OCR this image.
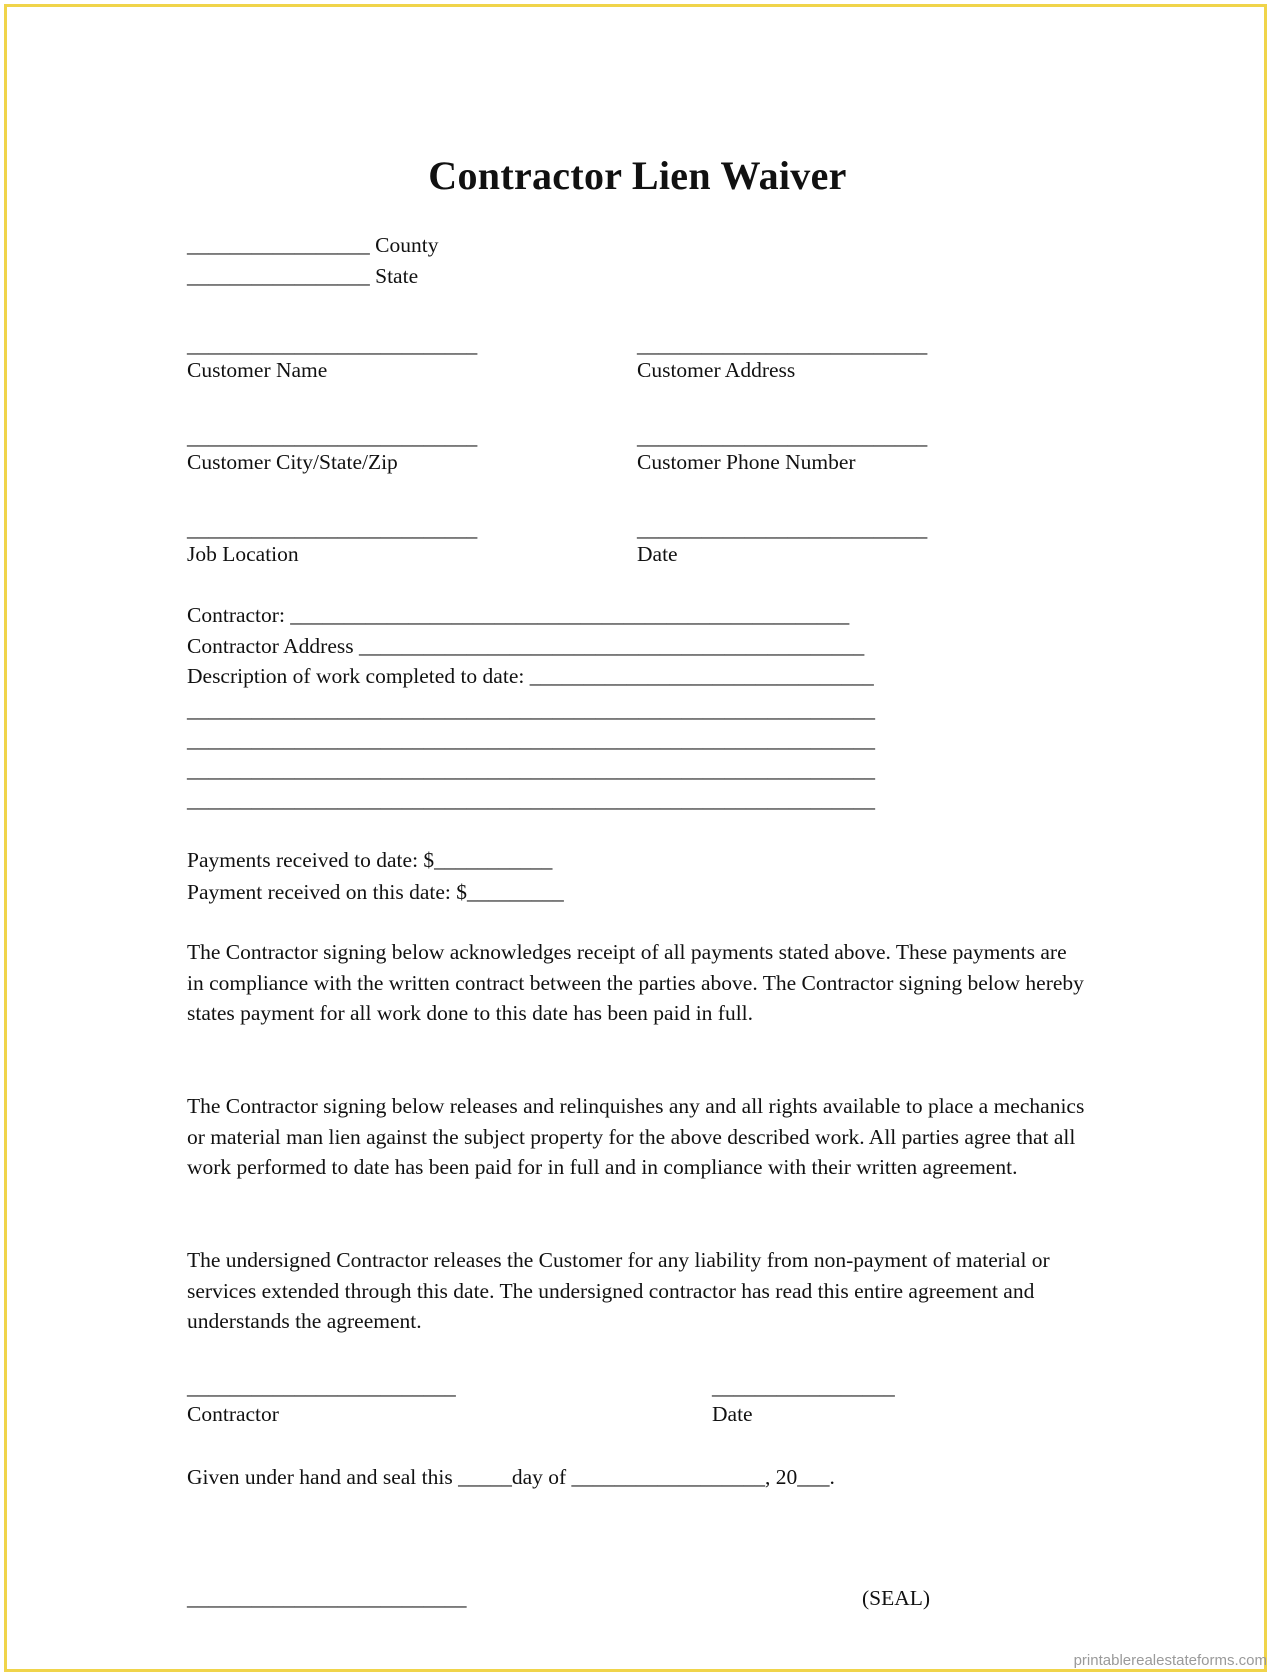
Contractor Lien Waiver
_________________ County
_________________ State
___________________________	___________________________
Customer Name	Customer Address
___________________________	___________________________
Customer City/State/Zip	Customer Phone Number
___________________________	___________________________
Job Location	Date
Contractor: ____________________________________________________
Contractor Address _______________________________________________
Description of work completed to date: ________________________________
________________________________________________________________
________________________________________________________________
________________________________________________________________
________________________________________________________________
Payments received to date: $___________
Payment received on this date: $_________
The Contractor signing below acknowledges receipt of all payments stated above. These payments are in compliance with the written contract between the parties above. The Contractor signing below hereby states payment for all work done to this date has been paid in full.
The Contractor signing below releases and relinquishes any and all rights available to place a mechanics or material man lien against the subject property for the above described work. All parties agree that all work performed to date has been paid for in full and in compliance with their written agreement.
The undersigned Contractor releases the Customer for any liability from non-payment of material or services extended through this date. The undersigned contractor has read this entire agreement and understands the agreement.
_________________________	_________________
Contractor	Date
Given under hand and seal this _____day of __________________, 20___.
__________________________	(SEAL)
printablerealestateforms.com
